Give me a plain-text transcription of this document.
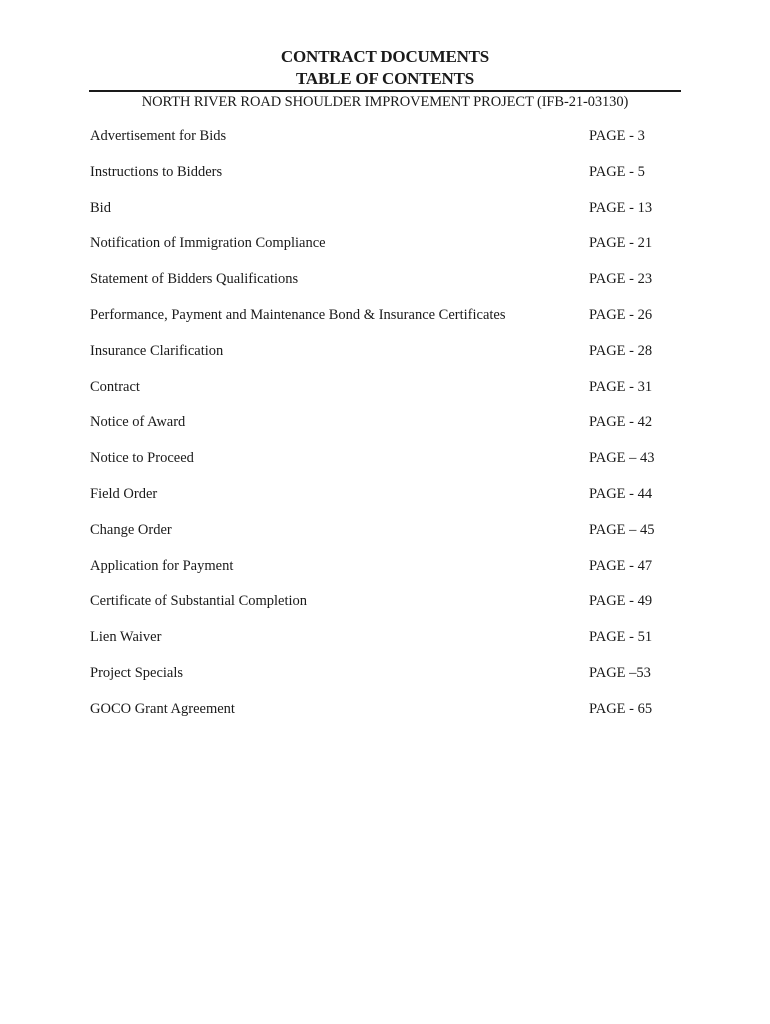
CONTRACT DOCUMENTS
TABLE OF CONTENTS
NORTH RIVER ROAD SHOULDER IMPROVEMENT PROJECT (IFB-21-03130)
Advertisement for Bids	PAGE - 3
Instructions to Bidders	PAGE - 5
Bid	PAGE - 13
Notification of Immigration Compliance	PAGE - 21
Statement of Bidders Qualifications	PAGE - 23
Performance, Payment and Maintenance Bond & Insurance Certificates	PAGE - 26
Insurance Clarification	PAGE - 28
Contract	PAGE - 31
Notice of Award	PAGE - 42
Notice to Proceed	PAGE – 43
Field Order	PAGE - 44
Change Order	PAGE – 45
Application for Payment	PAGE - 47
Certificate of Substantial Completion	PAGE - 49
Lien Waiver	PAGE - 51
Project Specials	PAGE –53
GOCO Grant Agreement	PAGE - 65
